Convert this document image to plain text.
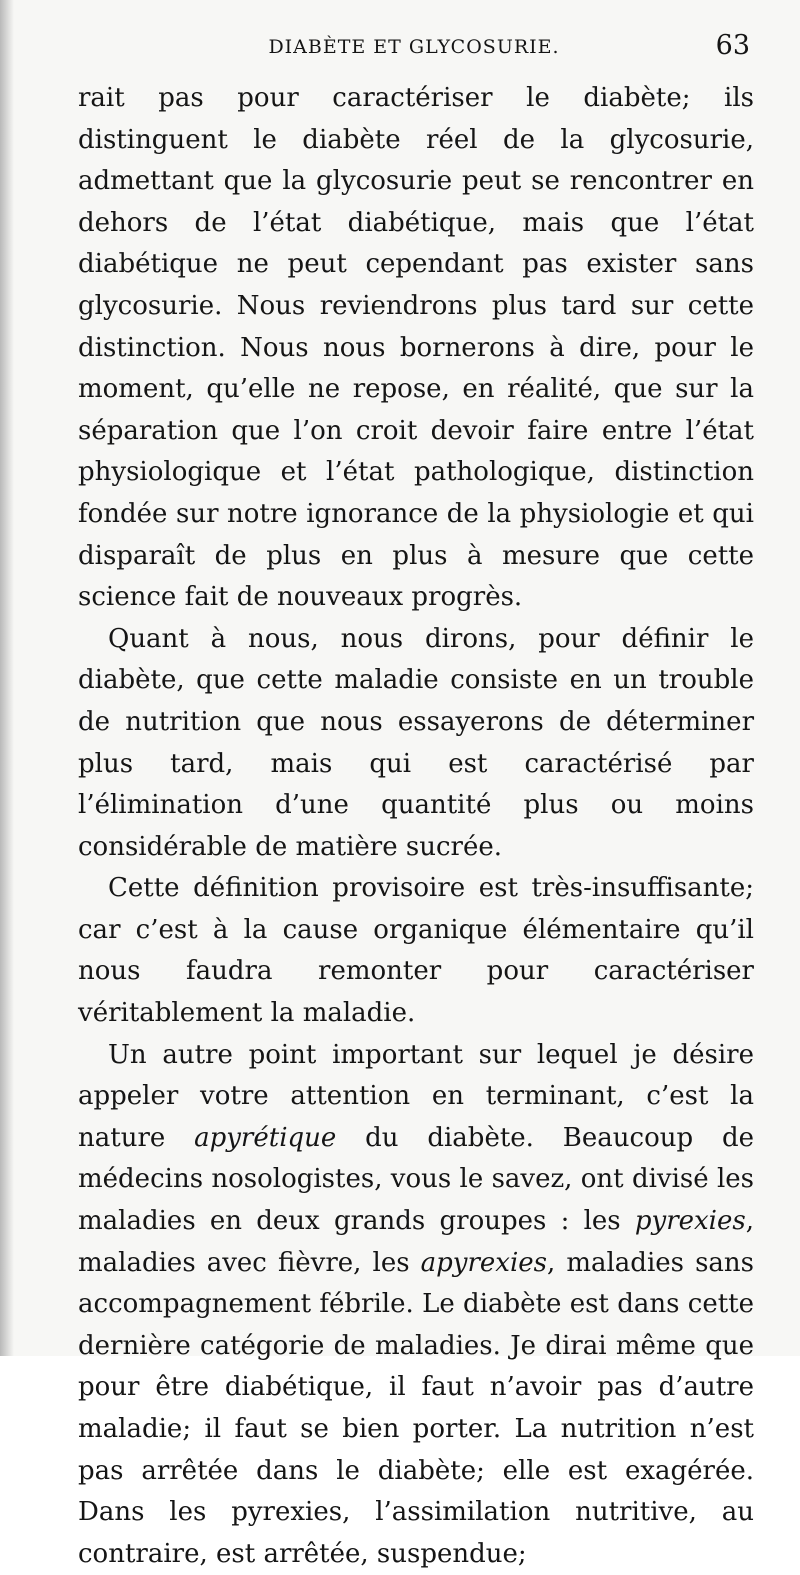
DIABÈTE ET GLYCOSURIE.	63

rait pas pour caractériser le diabète; ils distinguent le diabète réel de la glycosurie, admettant que la glycosurie peut se rencontrer en dehors de l’état diabétique, mais que l’état diabétique ne peut cependant pas exister sans glycosurie. Nous reviendrons plus tard sur cette distinction. Nous nous bornerons à dire, pour le moment, qu’elle ne repose, en réalité, que sur la séparation que l’on croit devoir faire entre l’état physiologique et l’état pathologique, distinction fondée sur notre ignorance de la physiologie et qui disparaît de plus en plus à mesure que cette science fait de nouveaux progrès.

Quant à nous, nous dirons, pour définir le diabète, que cette maladie consiste en un trouble de nutrition que nous essayerons de déterminer plus tard, mais qui est caractérisé par l’élimination d’une quantité plus ou moins considérable de matière sucrée.

Cette définition provisoire est très-insuffisante; car c’est à la cause organique élémentaire qu’il nous faudra remonter pour caractériser véritablement la maladie.

Un autre point important sur lequel je désire appeler votre attention en terminant, c’est la nature apyrétique du diabète. Beaucoup de médecins nosologistes, vous le savez, ont divisé les maladies en deux grands groupes : les pyrexies, maladies avec fièvre, les apyrexies, maladies sans accompagnement fébrile. Le diabète est dans cette dernière catégorie de maladies. Je dirai même que pour être diabétique, il faut n’avoir pas d’autre maladie; il faut se bien porter. La nutrition n’est pas arrêtée dans le diabète; elle est exagérée. Dans les pyrexies, l’assimilation nutritive, au contraire, est arrêtée, suspendue;
